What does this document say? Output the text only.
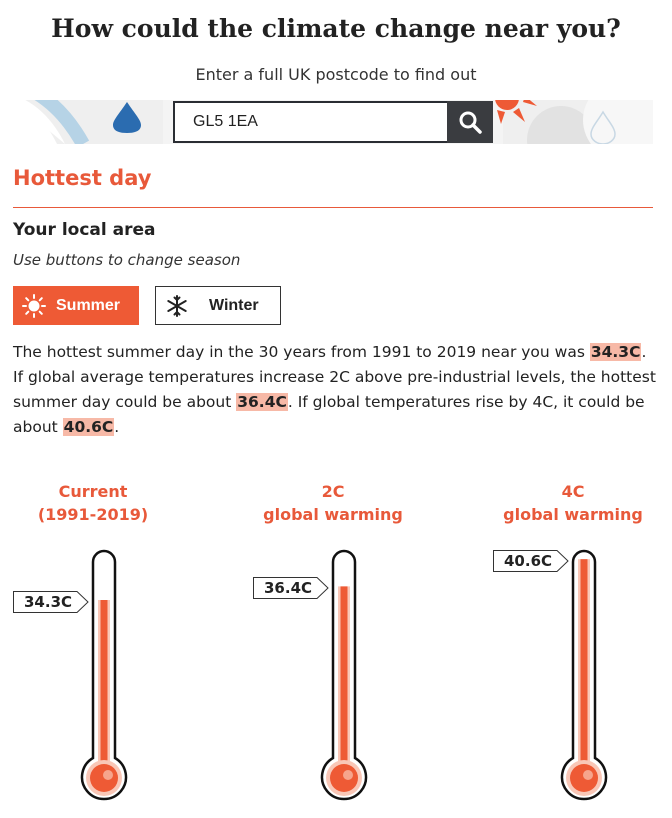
How could the climate change near you?
Enter a full UK postcode to find out
GL5 1EA
Hottest day
Your local area
Use buttons to change season
Summer	Winter

The hottest summer day in the 30 years from 1991 to 2019 near you was 34.3C. If global average temperatures increase 2C above pre-industrial levels, the hottest summer day could be about 36.4C. If global temperatures rise by 4C, it could be about 40.6C.

Current
(1991-2019)
2C
global warming
4C
global warming
34.3C
36.4C
40.6C
